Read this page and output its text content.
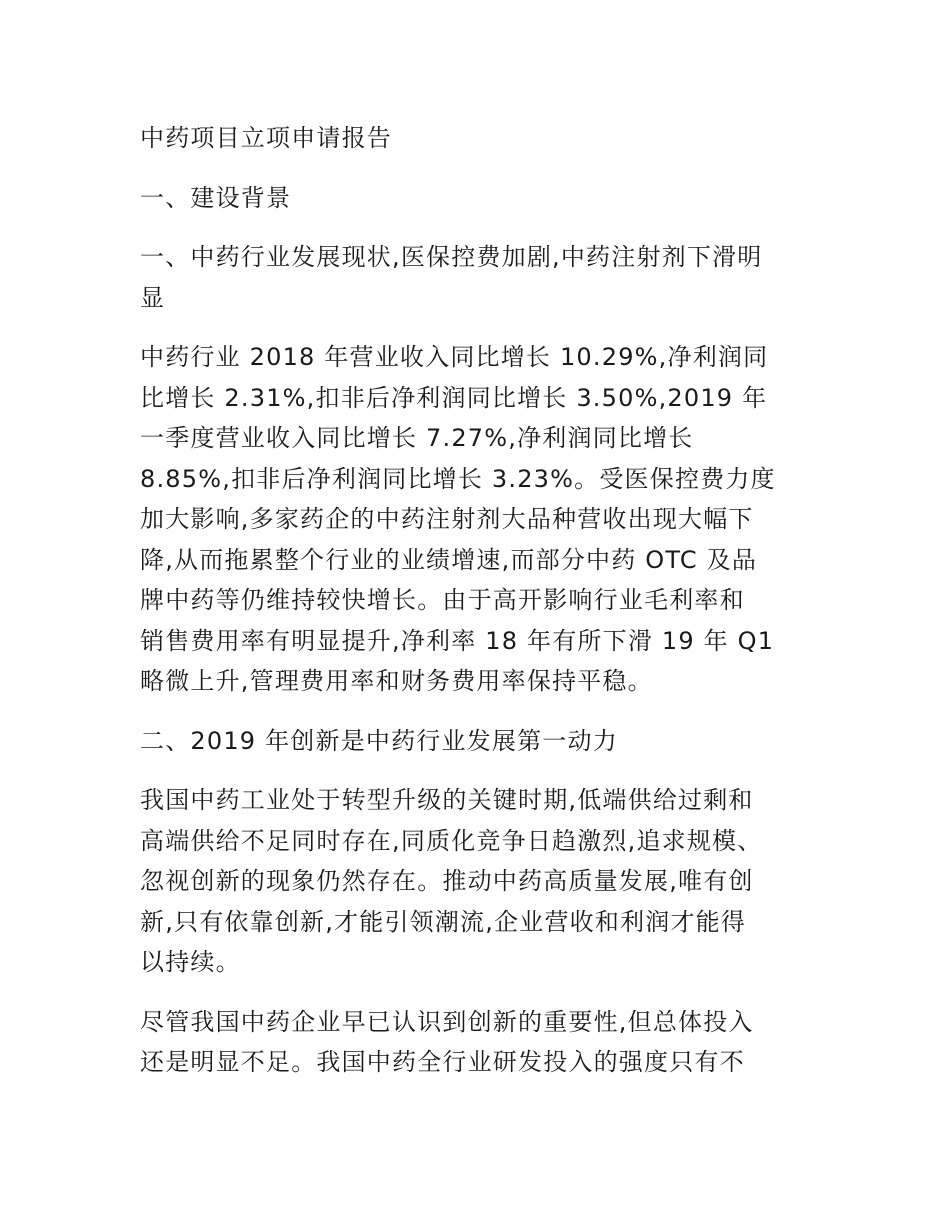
中药项目立项申请报告

一、建设背景

一、中药行业发展现状,医保控费加剧,中药注射剂下滑明
显

中药行业 2018 年营业收入同比增长 10.29%,净利润同
比增长 2.31%,扣非后净利润同比增长 3.50%,2019 年
一季度营业收入同比增长 7.27%,净利润同比增长
8.85%,扣非后净利润同比增长 3.23%。受医保控费力度
加大影响,多家药企的中药注射剂大品种营收出现大幅下
降,从而拖累整个行业的业绩增速,而部分中药 OTC 及品
牌中药等仍维持较快增长。由于高开影响行业毛利率和
销售费用率有明显提升,净利率 18 年有所下滑 19 年 Q1
略微上升,管理费用率和财务费用率保持平稳。

二、2019 年创新是中药行业发展第一动力

我国中药工业处于转型升级的关键时期,低端供给过剩和
高端供给不足同时存在,同质化竞争日趋激烈,追求规模、
忽视创新的现象仍然存在。推动中药高质量发展,唯有创
新,只有依靠创新,才能引领潮流,企业营收和利润才能得
以持续。

尽管我国中药企业早已认识到创新的重要性,但总体投入
还是明显不足。我国中药全行业研发投入的强度只有不
